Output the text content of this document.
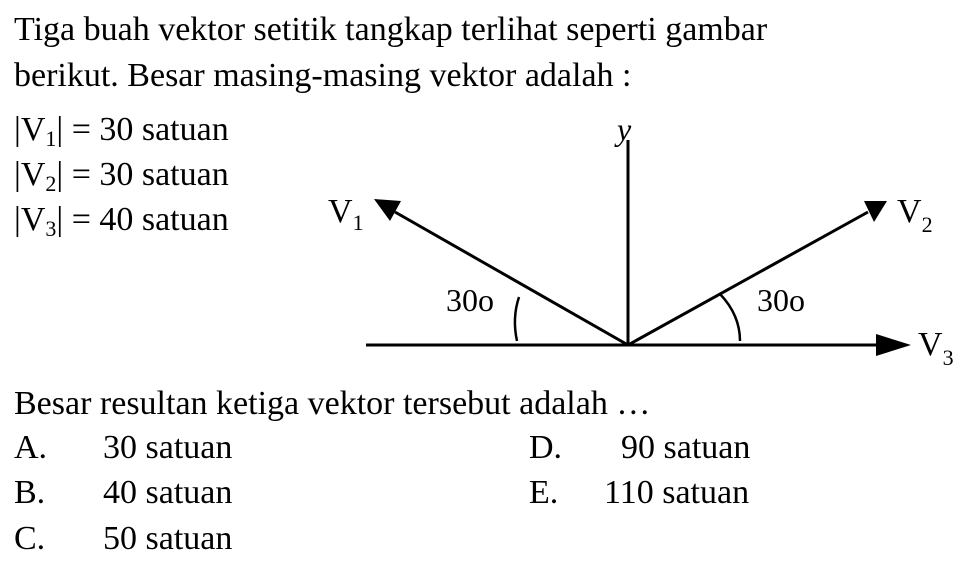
Tiga buah vektor setitik tangkap terlihat seperti gambar
berikut. Besar masing-masing vektor adalah :
$|V_1| = 30$ satuan
$|V_2| = 30$ satuan
$|V_3| = 40$ satuan
y
$V_1$	$V_2$
$V_3$
30o	30o
Besar resultan ketiga vektor tersebut adalah …
A. 30 satuan
B. 40 satuan
C. 50 satuan
D. 90 satuan
E. 110 satuan
